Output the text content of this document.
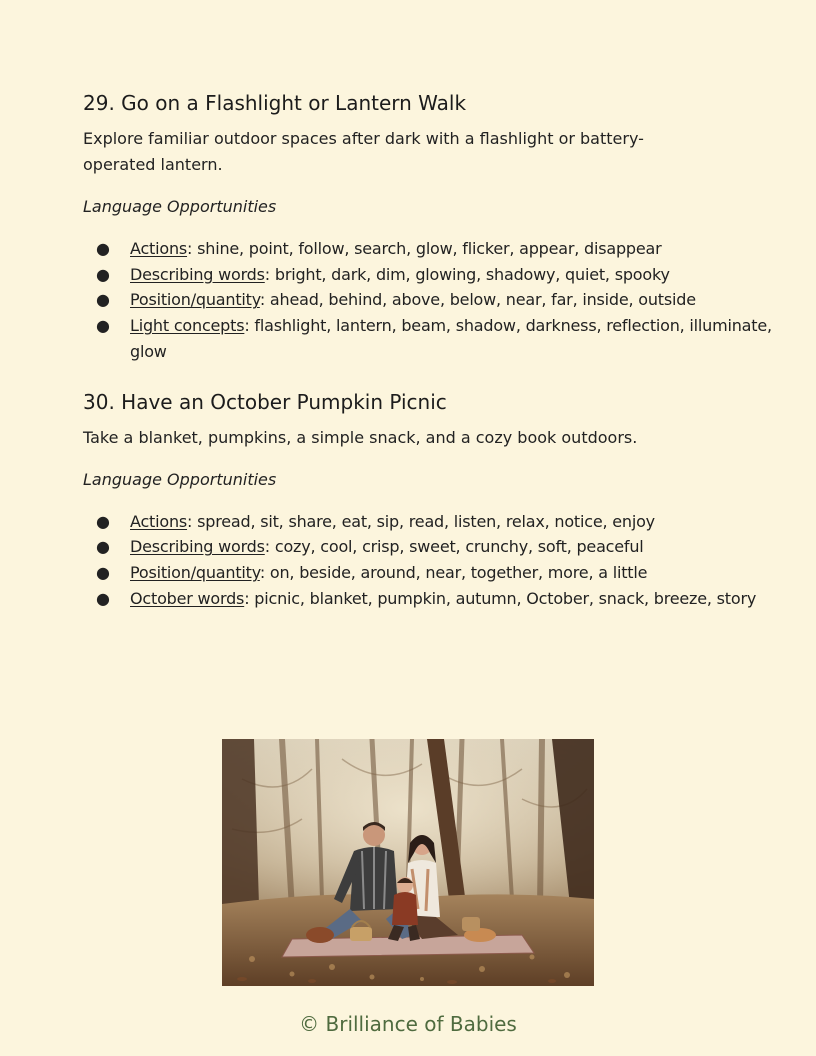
29. Go on a Flashlight or Lantern Walk

Explore familiar outdoor spaces after dark with a flashlight or battery-operated lantern.

Language Opportunities

● Actions: shine, point, follow, search, glow, flicker, appear, disappear
● Describing words: bright, dark, dim, glowing, shadowy, quiet, spooky
● Position/quantity: ahead, behind, above, below, near, far, inside, outside
● Light concepts: flashlight, lantern, beam, shadow, darkness, reflection, illuminate, glow
30. Have an October Pumpkin Picnic

Take a blanket, pumpkins, a simple snack, and a cozy book outdoors.

Language Opportunities

● Actions: spread, sit, share, eat, sip, read, listen, relax, notice, enjoy
● Describing words: cozy, cool, crisp, sweet, crunchy, soft, peaceful
● Position/quantity: on, beside, around, near, together, more, a little
● October words: picnic, blanket, pumpkin, autumn, October, snack, breeze, story
© Brilliance of Babies
